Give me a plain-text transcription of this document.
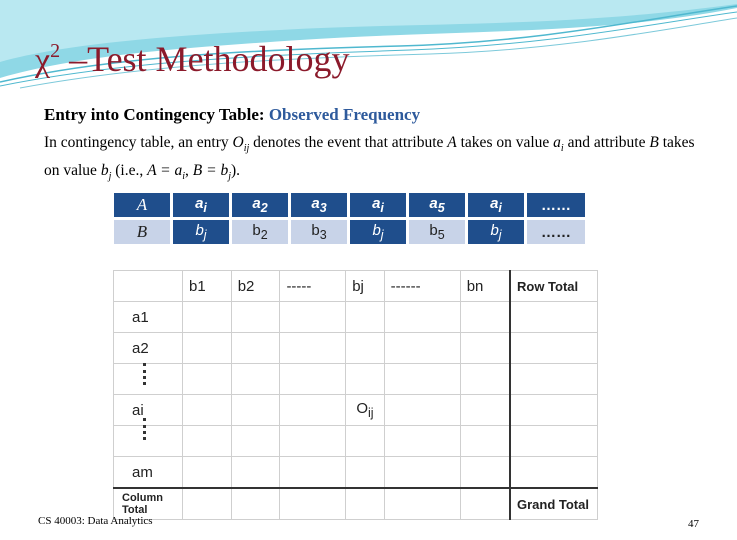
$\chi^2$ –Test Methodology
Entry into Contingency Table: Observed Frequency
In contingency table, an entry $O_{ij}$ denotes the event that attribute A takes on value $a_i$ and attribute B takes on value $b_j$ (i.e., $A = a_i$, $B = b_j$).
A	$a_i$	$a_2$	$a_3$	$a_i$	$a_5$	$a_i$	……
B	$b_j$	$b_2$	$b_3$	$b_j$	$b_5$	$b_j$	……
	b1	b2	-----	bj	------	bn	Row Total
a1							
a2							

ai				$O_{ij}$			

am							
Column
Total							Grand Total
CS 40003: Data Analytics	47
